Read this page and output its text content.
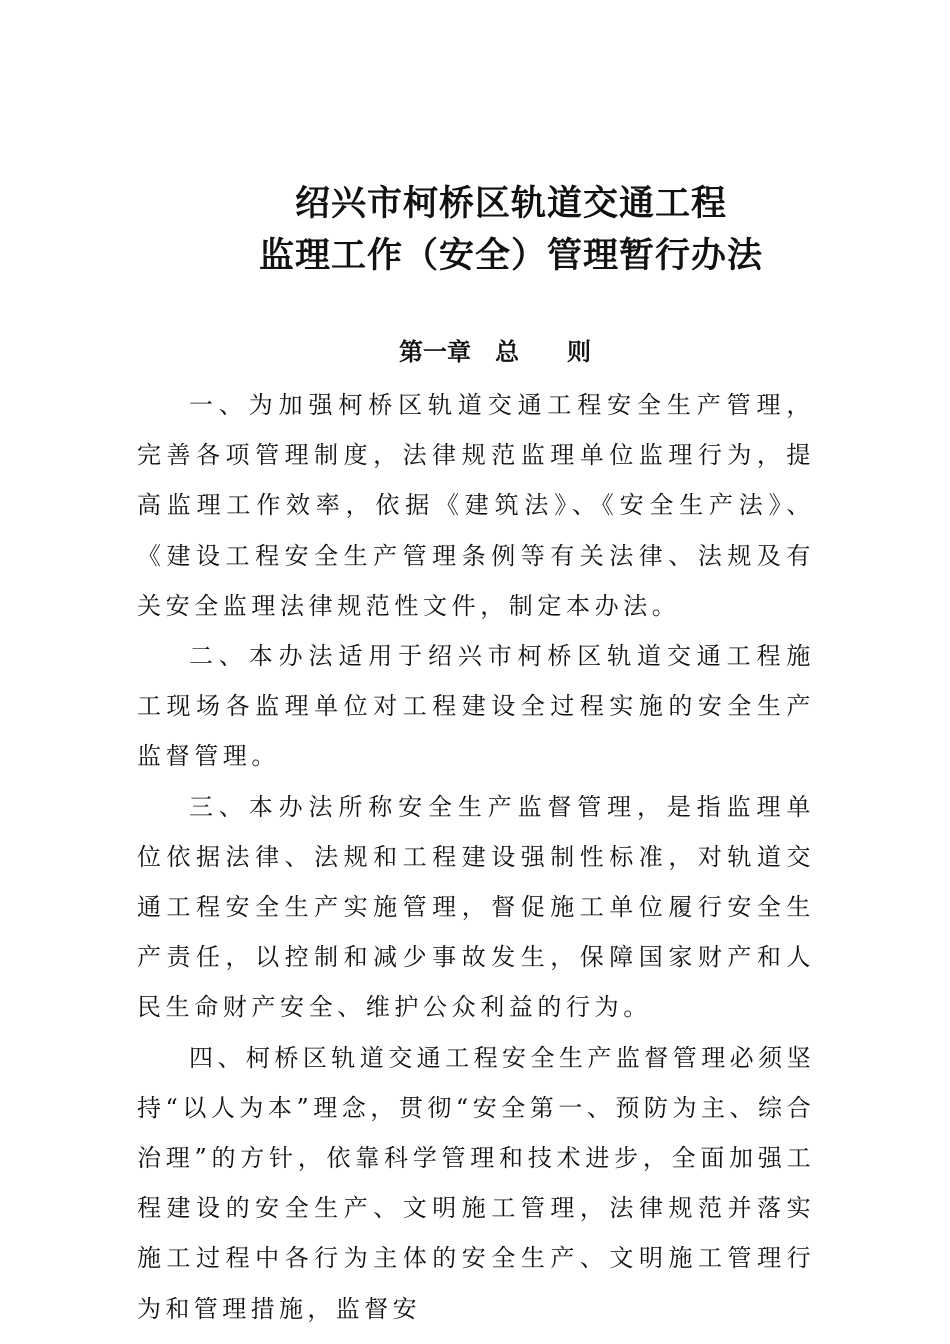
绍兴市柯桥区轨道交通工程
监理工作（安全）管理暂行办法
第一章　总　　则

一、为加强柯桥区轨道交通工程安全生产管理，完善各项管理制度，法律规范监理单位监理行为，提高监理工作效率，依据《建筑法》、《安全生产法》、《建设工程安全生产管理条例等有关法律、法规及有关安全监理法律规范性文件，制定本办法。

二、本办法适用于绍兴市柯桥区轨道交通工程施工现场各监理单位对工程建设全过程实施的安全生产监督管理。

三、本办法所称安全生产监督管理，是指监理单位依据法律、法规和工程建设强制性标准，对轨道交通工程安全生产实施管理，督促施工单位履行安全生产责任，以控制和减少事故发生，保障国家财产和人民生命财产安全、维护公众利益的行为。

四、柯桥区轨道交通工程安全生产监督管理必须坚持“以人为本”理念，贯彻“安全第一、预防为主、综合治理”的方针，依靠科学管理和技术进步，全面加强工程建设的安全生产、文明施工管理，法律规范并落实施工过程中各行为主体的安全生产、文明施工管理行为和管理措施，监督安
